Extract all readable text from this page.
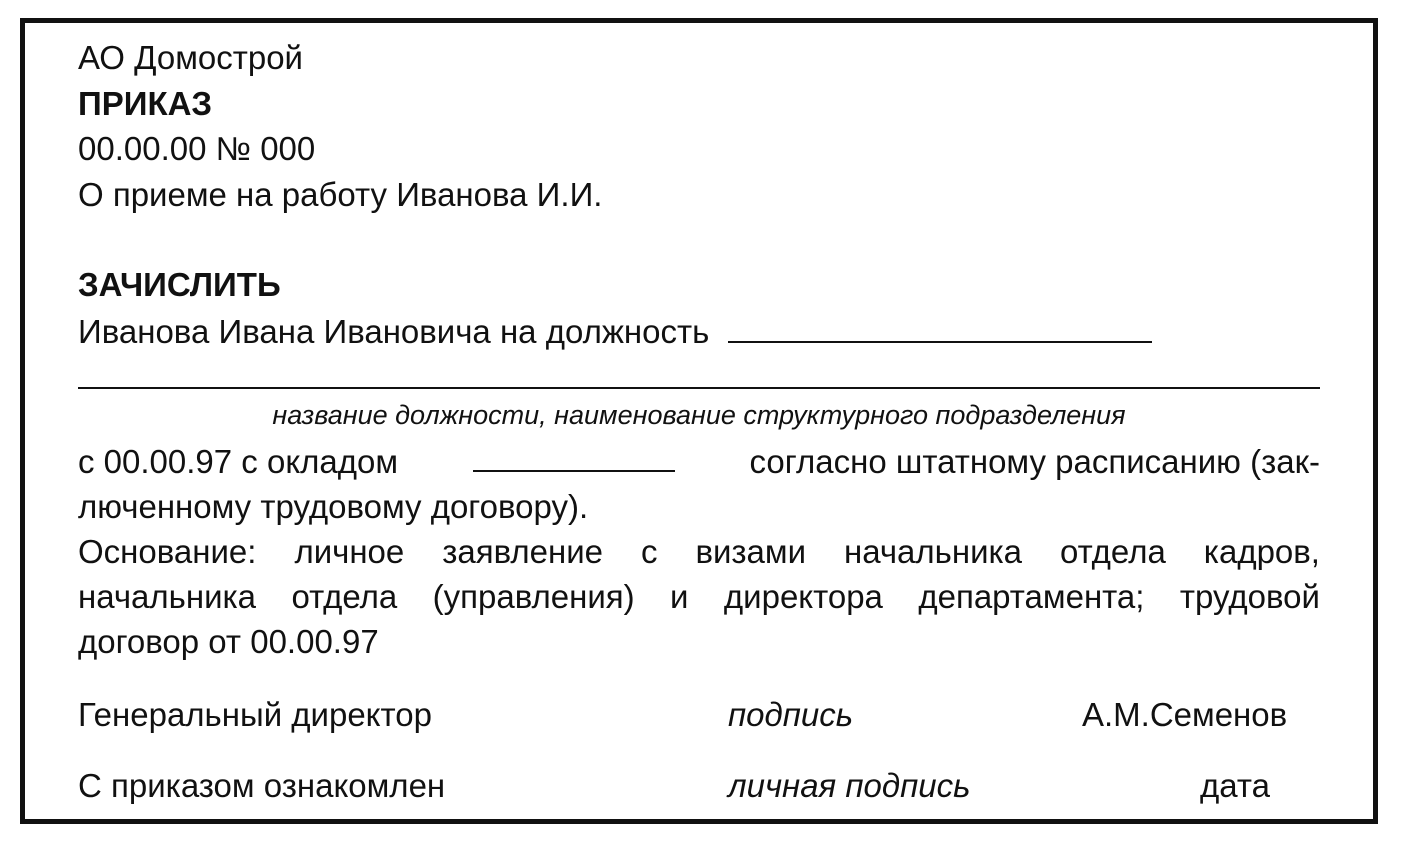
АО Домострой
ПРИКАЗ
00.00.00 № 000
О приеме на работу Иванова И.И.
ЗАЧИСЛИТЬ
Иванова Ивана Ивановича на должность
название должности, наименование структурного подразделения
с 00.00.97 с окладом	согласно штатному расписанию (зак-
люченному трудовому договору).
Основание: личное заявление с визами начальника отдела кадров,
начальника отдела (управления) и директора департамента; трудовой
договор от 00.00.97
Генеральный директор	подпись	А.М.Семенов
С приказом ознакомлен	личная подпись	дата
